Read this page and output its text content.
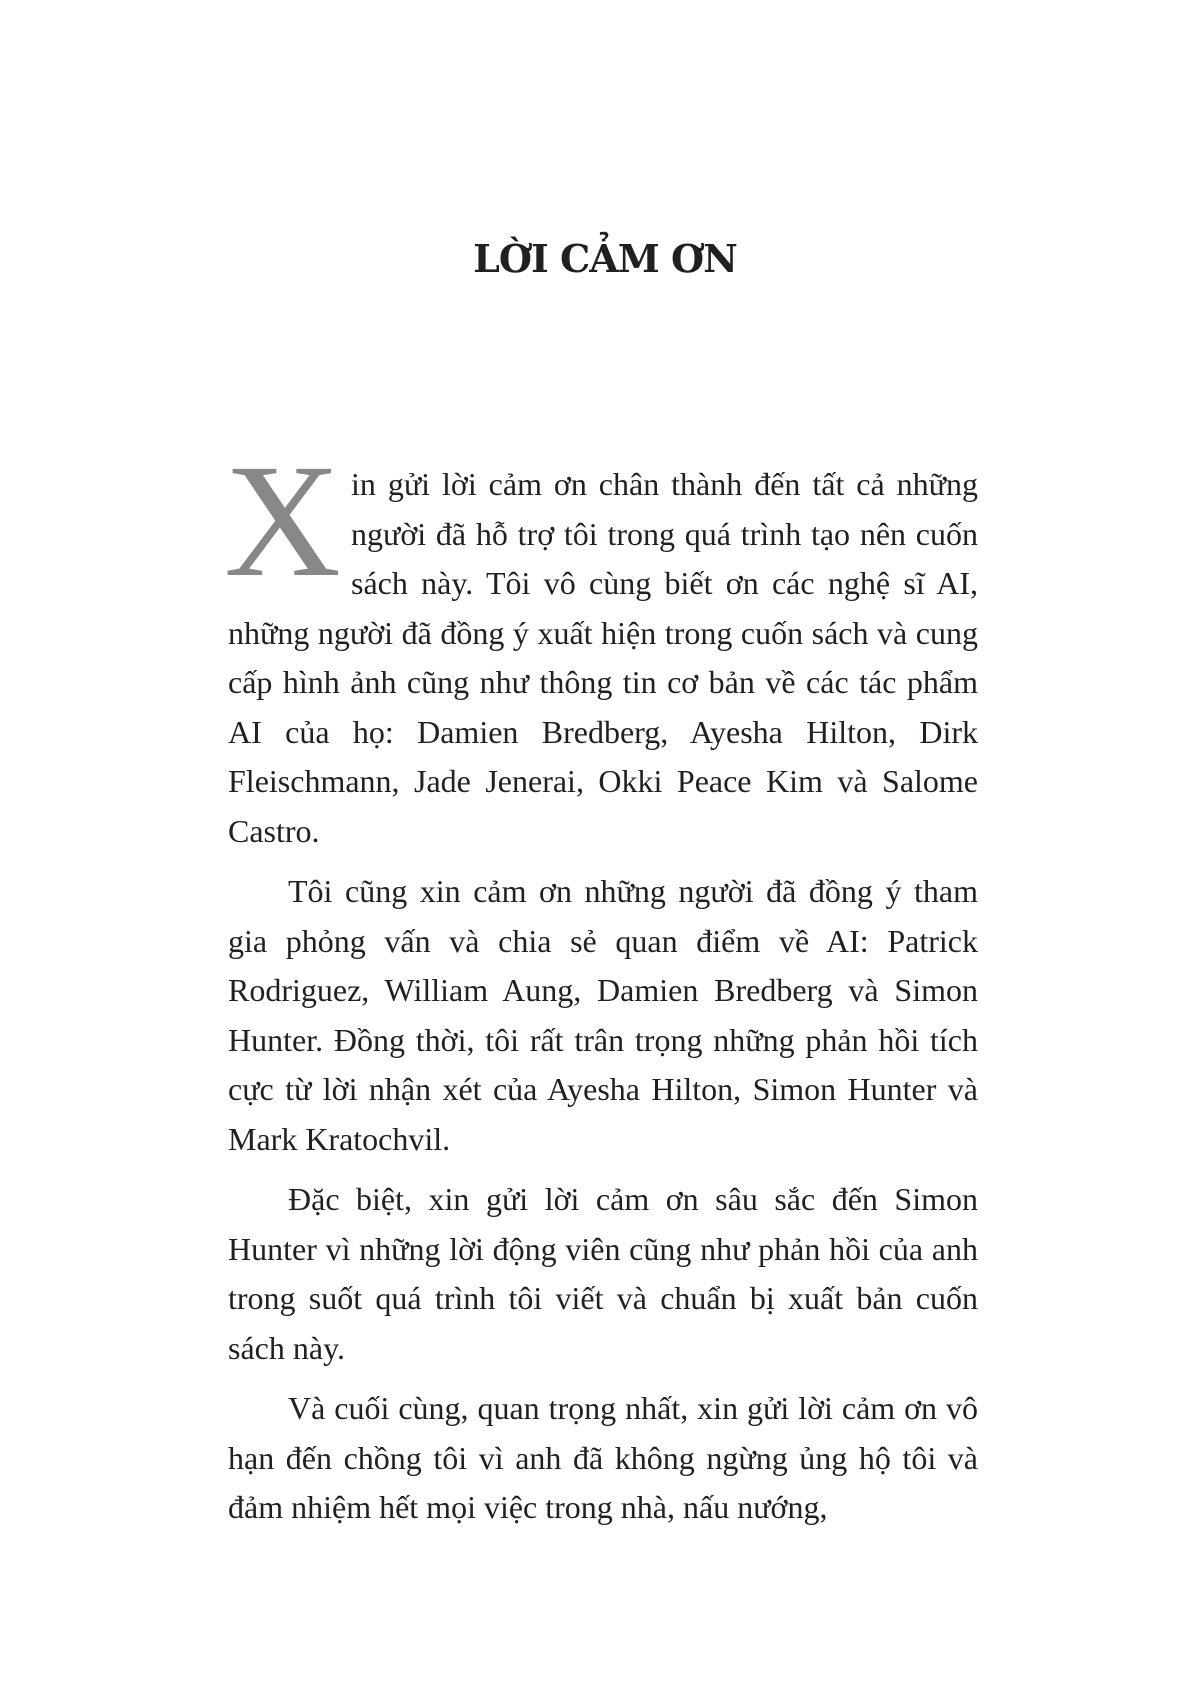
LỜI CẢM ƠN

Xin gửi lời cảm ơn chân thành đến tất cả những người đã hỗ trợ tôi trong quá trình tạo nên cuốn sách này. Tôi vô cùng biết ơn các nghệ sĩ AI, những người đã đồng ý xuất hiện trong cuốn sách và cung cấp hình ảnh cũng như thông tin cơ bản về các tác phẩm AI của họ: Damien Bredberg, Ayesha Hilton, Dirk Fleischmann, Jade Jenerai, Okki Peace Kim và Salome Castro.

Tôi cũng xin cảm ơn những người đã đồng ý tham gia phỏng vấn và chia sẻ quan điểm về AI: Patrick Rodriguez, William Aung, Damien Bredberg và Simon Hunter. Đồng thời, tôi rất trân trọng những phản hồi tích cực từ lời nhận xét của Ayesha Hilton, Simon Hunter và Mark Kratochvil.

Đặc biệt, xin gửi lời cảm ơn sâu sắc đến Simon Hunter vì những lời động viên cũng như phản hồi của anh trong suốt quá trình tôi viết và chuẩn bị xuất bản cuốn sách này.

Và cuối cùng, quan trọng nhất, xin gửi lời cảm ơn vô hạn đến chồng tôi vì anh đã không ngừng ủng hộ tôi và đảm nhiệm hết mọi việc trong nhà, nấu nướng,
